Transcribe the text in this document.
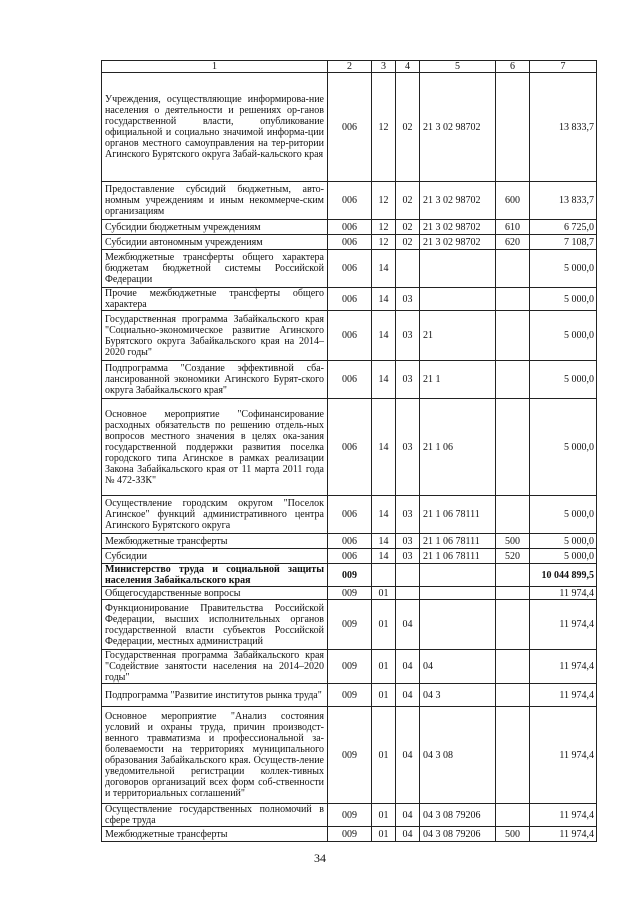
1	2	3	4	5	6	7
Учреждения, осуществляющие информирова-ние населения о деятельности и решениях ор-ганов государственной власти, опубликование официальной и социально значимой информа-ции органов местного самоуправления на тер-ритории Агинского Бурятского округа Забай-кальского края	006	12	02	21 3 02 98702		13 833,7
Предоставление субсидий бюджетным, авто-номным учреждениям и иным некоммерче-ским организациям	006	12	02	21 3 02 98702	600	13 833,7
Субсидии бюджетным учреждениям	006	12	02	21 3 02 98702	610	6 725,0
Субсидии автономным учреждениям	006	12	02	21 3 02 98702	620	7 108,7
Межбюджетные трансферты общего характера бюджетам бюджетной системы Российской Федерации	006	14				5 000,0
Прочие межбюджетные трансферты общего характера	006	14	03			5 000,0
Государственная программа Забайкальского края "Социально-экономическое развитие Агинского Бурятского округа Забайкальского края на 2014–2020 годы"	006	14	03	21		5 000,0
Подпрограмма "Создание эффективной сба-лансированной экономики Агинского Бурят-ского округа Забайкальского края"	006	14	03	21 1		5 000,0
Основное мероприятие "Софинансирование расходных обязательств по решению отдель-ных вопросов местного значения в целях ока-зания государственной поддержки развития поселка городского типа Агинское в рамках реализации Закона Забайкальского края от 11 марта 2011 года № 472-ЗЗК"	006	14	03	21 1 06		5 000,0
Осуществление городским округом "Поселок Агинское" функций административного центра Агинского Бурятского округа	006	14	03	21 1 06 78111		5 000,0
Межбюджетные трансферты	006	14	03	21 1 06 78111	500	5 000,0
Субсидии	006	14	03	21 1 06 78111	520	5 000,0
Министерство труда и социальной защиты населения Забайкальского края	009					10 044 899,5
Общегосударственные вопросы	009	01				11 974,4
Функционирование Правительства Российской Федерации, высших исполнительных органов государственной власти субъектов Российской Федерации, местных администраций	009	01	04			11 974,4
Государственная программа Забайкальского края "Содействие занятости населения на 2014–2020 годы"	009	01	04	04		11 974,4
Подпрограмма "Развитие институтов рынка труда"	009	01	04	04 3		11 974,4
Основное мероприятие "Анализ состояния условий и охраны труда, причин производст-венного травматизма и профессиональной за-болеваемости на территориях муниципального образования Забайкальского края. Осуществ-ление уведомительной регистрации коллек-тивных договоров организаций всех форм соб-ственности и территориальных соглашений"	009	01	04	04 3 08		11 974,4
Осуществление государственных полномочий в сфере труда	009	01	04	04 3 08 79206		11 974,4
Межбюджетные трансферты	009	01	04	04 3 08 79206	500	11 974,4
34
